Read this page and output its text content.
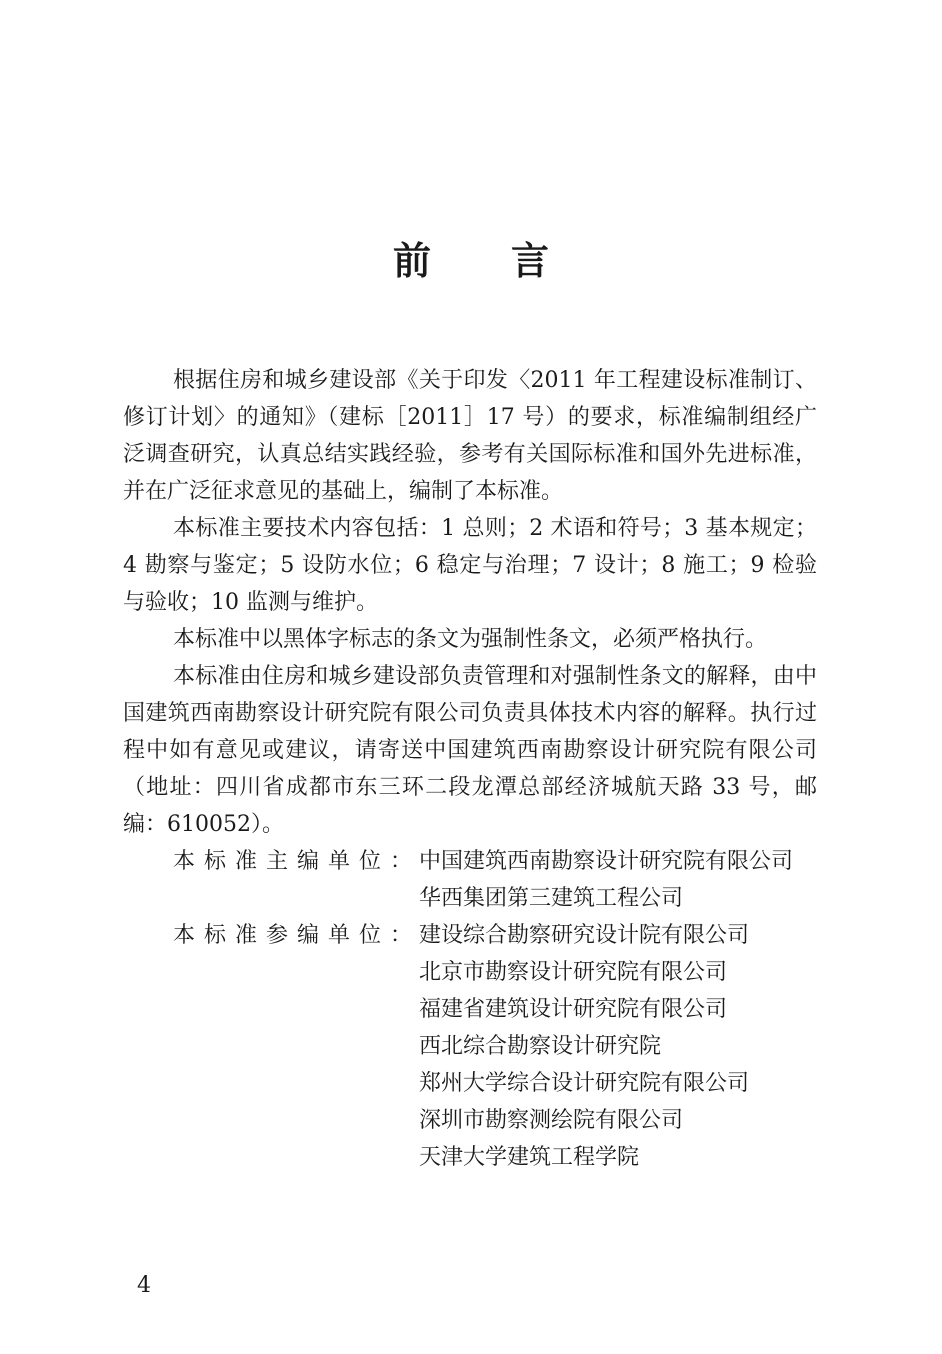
前言

根据住房和城乡建设部《关于印发〈2011 年工程建设标准制订、修订计划〉的通知》（建标［2011］17 号）的要求，标准编制组经广泛调查研究，认真总结实践经验，参考有关国际标准和国外先进标准，并在广泛征求意见的基础上，编制了本标准。

本标准主要技术内容包括：1 总则；2 术语和符号；3 基本规定；4 勘察与鉴定；5 设防水位；6 稳定与治理；7 设计；8 施工；9 检验与验收；10 监测与维护。

本标准中以黑体字标志的条文为强制性条文，必须严格执行。

本标准由住房和城乡建设部负责管理和对强制性条文的解释，由中国建筑西南勘察设计研究院有限公司负责具体技术内容的解释。执行过程中如有意见或建议，请寄送中国建筑西南勘察设计研究院有限公司（地址：四川省成都市东三环二段龙潭总部经济城航天路 33 号，邮编：610052）。

本标准主编单位：
中国建筑西南勘察设计研究院有限公司
华西集团第三建筑工程公司
本标准参编单位：
建设综合勘察研究设计院有限公司
北京市勘察设计研究院有限公司
福建省建筑设计研究院有限公司
西北综合勘察设计研究院
郑州大学综合设计研究院有限公司
深圳市勘察测绘院有限公司
天津大学建筑工程学院
4
